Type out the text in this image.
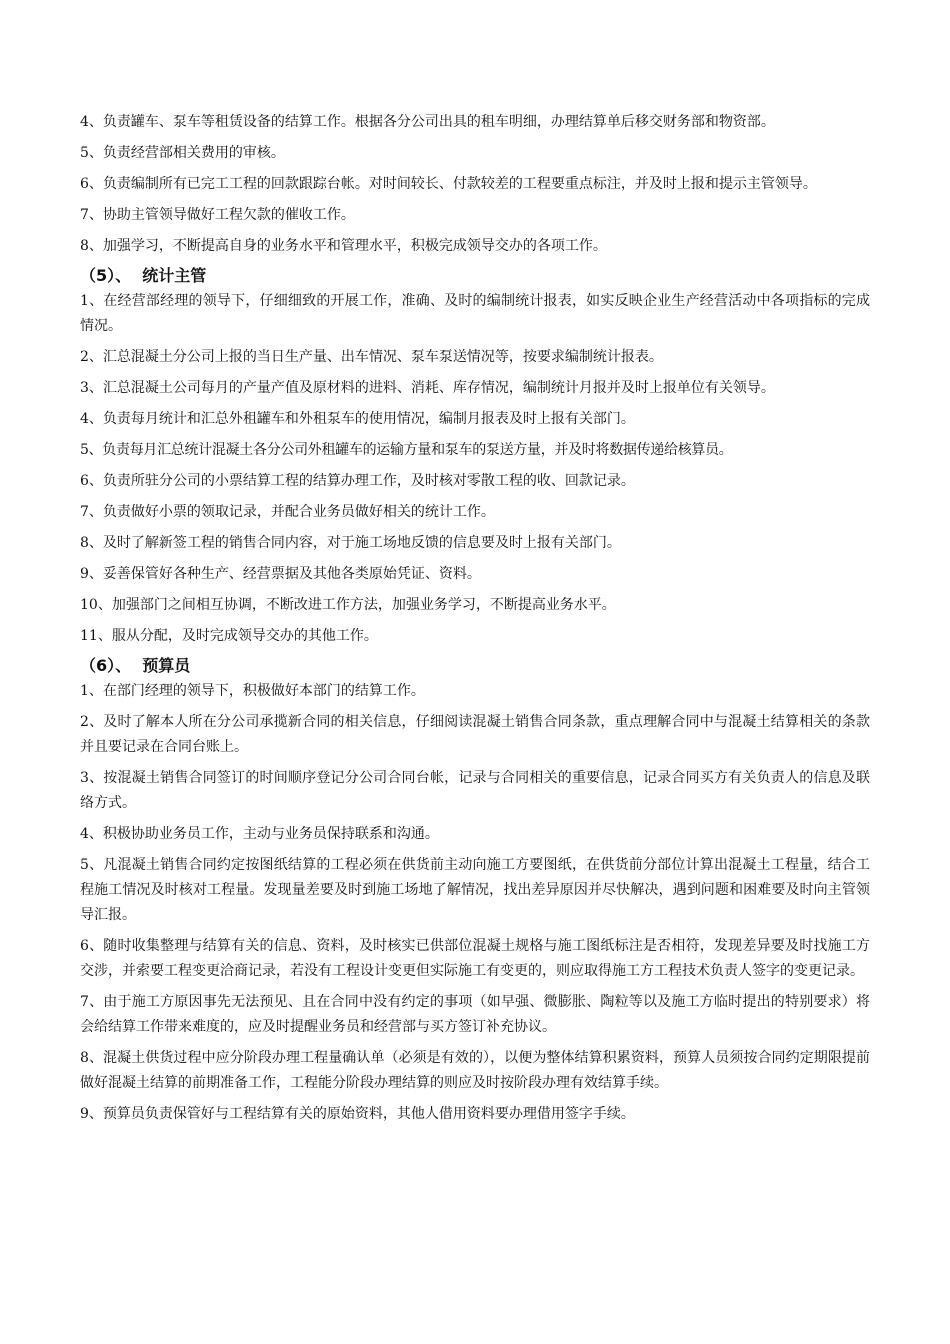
4、负责罐车、泵车等租赁设备的结算工作。根据各分公司出具的租车明细，办理结算单后移交财务部和物资部。

5、负责经营部相关费用的审核。

6、负责编制所有已完工工程的回款跟踪台帐。对时间较长、付款较差的工程要重点标注，并及时上报和提示主管领导。

7、协助主管领导做好工程欠款的催收工作。

8、加强学习，不断提高自身的业务水平和管理水平，积极完成领导交办的各项工作。

（5）、  统计主管

1、在经营部经理的领导下，仔细细致的开展工作，准确、及时的编制统计报表，如实反映企业生产经营活动中各项指标的完成情况。

2、汇总混凝土分公司上报的当日生产量、出车情况、泵车泵送情况等，按要求编制统计报表。

3、汇总混凝土公司每月的产量产值及原材料的进料、消耗、库存情况，编制统计月报并及时上报单位有关领导。

4、负责每月统计和汇总外租罐车和外租泵车的使用情况，编制月报表及时上报有关部门。

5、负责每月汇总统计混凝土各分公司外租罐车的运输方量和泵车的泵送方量，并及时将数据传递给核算员。

6、负责所驻分公司的小票结算工程的结算办理工作，及时核对零散工程的收、回款记录。

7、负责做好小票的领取记录，并配合业务员做好相关的统计工作。

8、及时了解新签工程的销售合同内容，对于施工场地反馈的信息要及时上报有关部门。

9、妥善保管好各种生产、经营票据及其他各类原始凭证、资料。

10、加强部门之间相互协调，不断改进工作方法，加强业务学习，不断提高业务水平。

11、服从分配，及时完成领导交办的其他工作。

（6）、  预算员

1、在部门经理的领导下，积极做好本部门的结算工作。

2、及时了解本人所在分公司承揽新合同的相关信息，仔细阅读混凝土销售合同条款，重点理解合同中与混凝土结算相关的条款并且要记录在合同台账上。

3、按混凝土销售合同签订的时间顺序登记分公司合同台帐，记录与合同相关的重要信息，记录合同买方有关负责人的信息及联络方式。

4、积极协助业务员工作，主动与业务员保持联系和沟通。

5、凡混凝土销售合同约定按图纸结算的工程必须在供货前主动向施工方要图纸，在供货前分部位计算出混凝土工程量，结合工程施工情况及时核对工程量。发现量差要及时到施工场地了解情况，找出差异原因并尽快解决，遇到问题和困难要及时向主管领导汇报。

6、随时收集整理与结算有关的信息、资料，及时核实已供部位混凝土规格与施工图纸标注是否相符，发现差异要及时找施工方交涉，并索要工程变更洽商记录，若没有工程设计变更但实际施工有变更的，则应取得施工方工程技术负责人签字的变更记录。

7、由于施工方原因事先无法预见、且在合同中没有约定的事项（如早强、微膨胀、陶粒等以及施工方临时提出的特别要求）将会给结算工作带来难度的，应及时提醒业务员和经营部与买方签订补充协议。

8、混凝土供货过程中应分阶段办理工程量确认单（必须是有效的），以便为整体结算积累资料，预算人员须按合同约定期限提前做好混凝土结算的前期准备工作，工程能分阶段办理结算的则应及时按阶段办理有效结算手续。

9、预算员负责保管好与工程结算有关的原始资料，其他人借用资料要办理借用签字手续。
